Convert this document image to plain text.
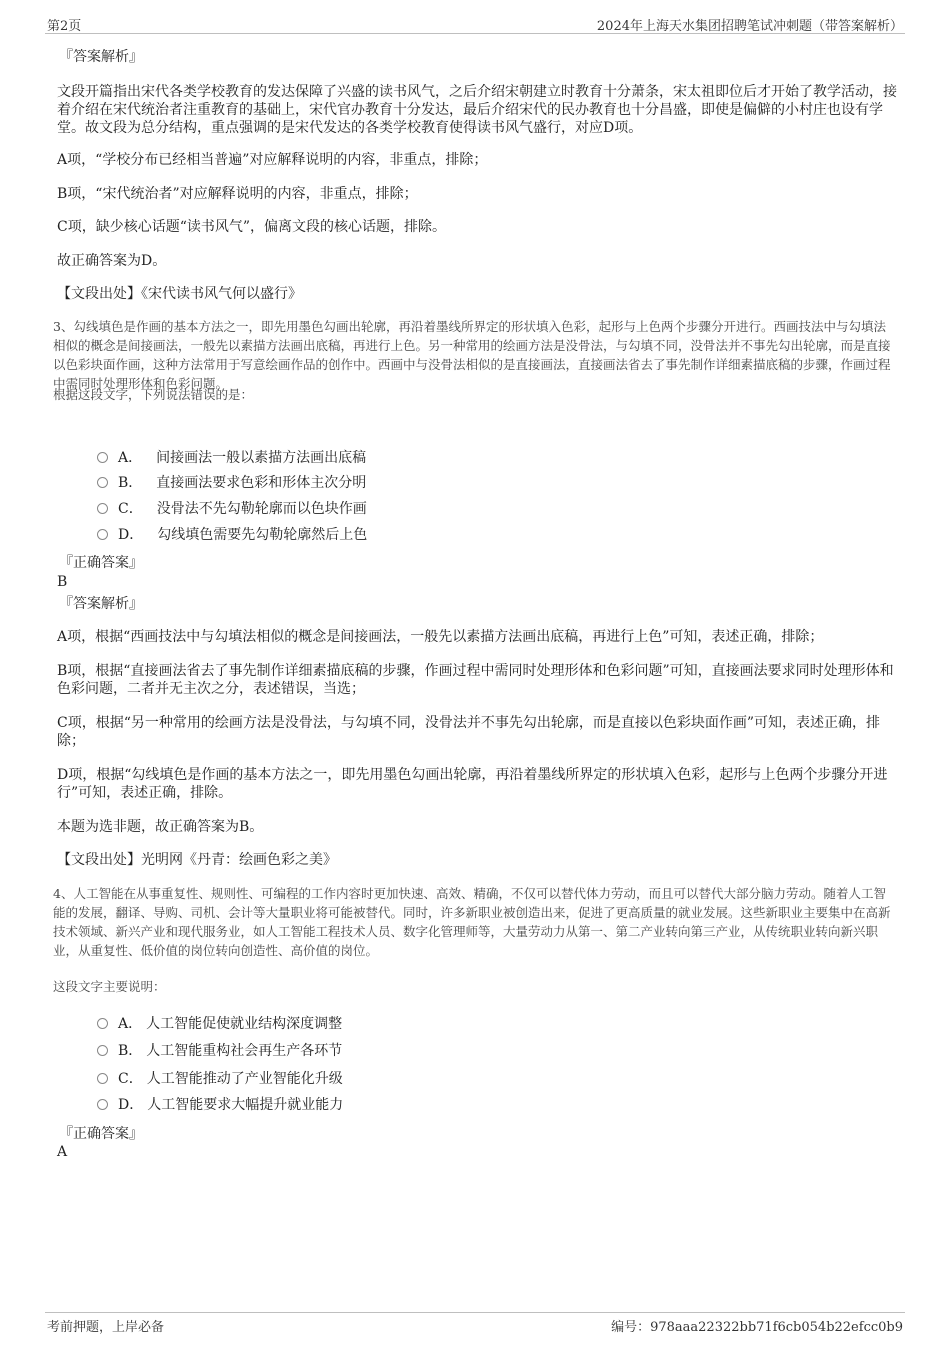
第2页	2024年上海天水集团招聘笔试冲刺题（带答案解析）
『答案解析』
文段开篇指出宋代各类学校教育的发达保障了兴盛的读书风气，之后介绍宋朝建立时教育十分萧条，宋太祖即位后才开始了教学活动，接着介绍在宋代统治者注重教育的基础上，宋代官办教育十分发达，最后介绍宋代的民办教育也十分昌盛，即使是偏僻的小村庄也设有学堂。故文段为总分结构，重点强调的是宋代发达的各类学校教育使得读书风气盛行，对应D项。
A项，“学校分布已经相当普遍”对应解释说明的内容，非重点，排除；
B项，“宋代统治者”对应解释说明的内容，非重点，排除；
C项，缺少核心话题“读书风气”，偏离文段的核心话题，排除。
故正确答案为D。
【文段出处】《宋代读书风气何以盛行》
3、勾线填色是作画的基本方法之一，即先用墨色勾画出轮廓，再沿着墨线所界定的形状填入色彩，起形与上色两个步骤分开进行。西画技法中与勾填法相似的概念是间接画法，一般先以素描方法画出底稿，再进行上色。另一种常用的绘画方法是没骨法，与勾填不同，没骨法并不事先勾出轮廓，而是直接以色彩块面作画，这种方法常用于写意绘画作品的创作中。西画中与没骨法相似的是直接画法，直接画法省去了事先制作详细素描底稿的步骤，作画过程中需同时处理形体和色彩问题。
根据这段文字，下列说法错误的是：
A． 间接画法一般以素描方法画出底稿
B． 直接画法要求色彩和形体主次分明
C． 没骨法不先勾勒轮廓而以色块作画
D． 勾线填色需要先勾勒轮廓然后上色
『正确答案』
B
『答案解析』
A项，根据“西画技法中与勾填法相似的概念是间接画法，一般先以素描方法画出底稿，再进行上色”可知，表述正确，排除；
B项，根据“直接画法省去了事先制作详细素描底稿的步骤，作画过程中需同时处理形体和色彩问题”可知，直接画法要求同时处理形体和色彩问题，二者并无主次之分，表述错误，当选；
C项，根据“另一种常用的绘画方法是没骨法，与勾填不同，没骨法并不事先勾出轮廓，而是直接以色彩块面作画”可知，表述正确，排除；
D项，根据“勾线填色是作画的基本方法之一，即先用墨色勾画出轮廓，再沿着墨线所界定的形状填入色彩，起形与上色两个步骤分开进行”可知，表述正确，排除。
本题为选非题，故正确答案为B。
【文段出处】光明网《丹青：绘画色彩之美》
4、人工智能在从事重复性、规则性、可编程的工作内容时更加快速、高效、精确，不仅可以替代体力劳动，而且可以替代大部分脑力劳动。随着人工智能的发展，翻译、导购、司机、会计等大量职业将可能被替代。同时，许多新职业被创造出来，促进了更高质量的就业发展。这些新职业主要集中在高新技术领域、新兴产业和现代服务业，如人工智能工程技术人员、数字化管理师等，大量劳动力从第一、第二产业转向第三产业，从传统职业转向新兴职业，从重复性、低价值的岗位转向创造性、高价值的岗位。
这段文字主要说明：
A． 人工智能促使就业结构深度调整
B． 人工智能重构社会再生产各环节
C． 人工智能推动了产业智能化升级
D． 人工智能要求大幅提升就业能力
『正确答案』
A
考前押题，上岸必备	编号：978aaa22322bb71f6cb054b22efcc0b9
